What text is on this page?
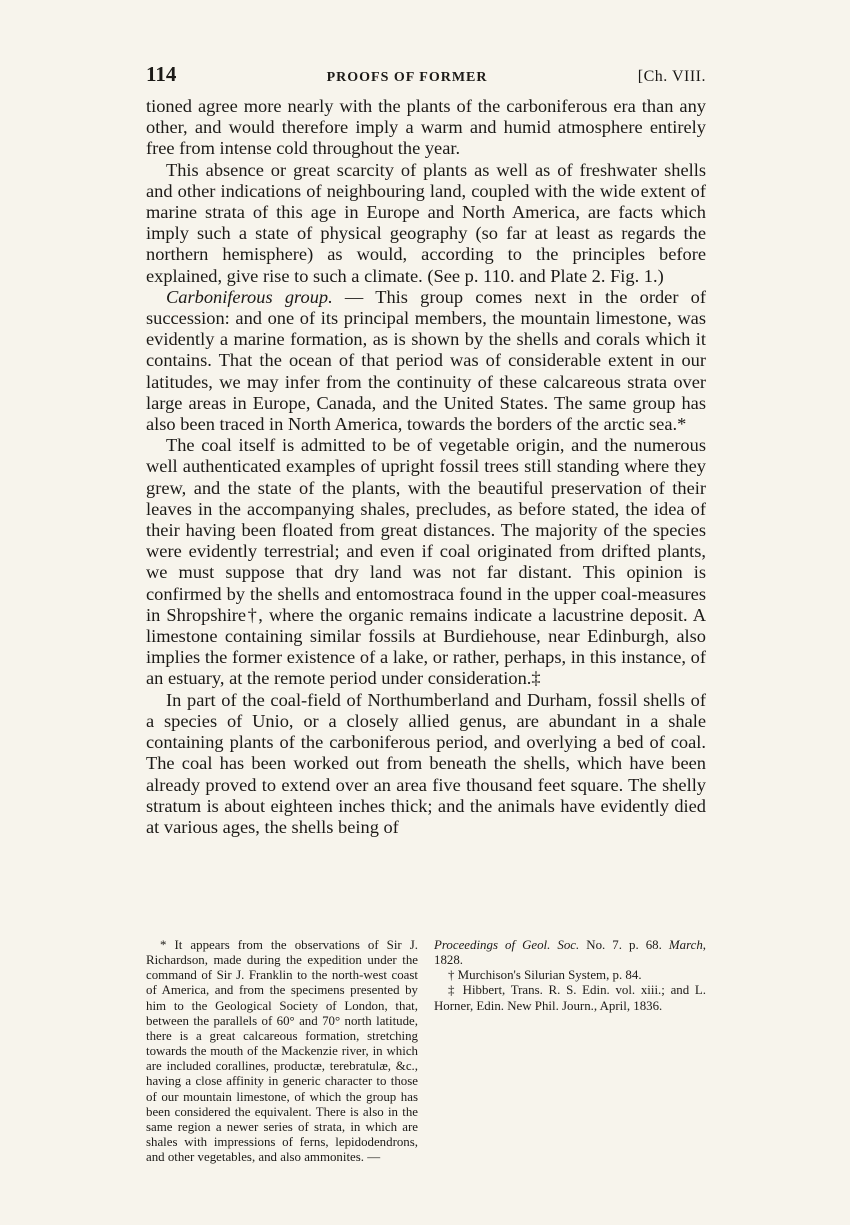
114	PROOFS OF FORMER	[Ch. VIII.

tioned agree more nearly with the plants of the carboniferous era than any other, and would therefore imply a warm and humid atmosphere entirely free from intense cold throughout the year.

This absence or great scarcity of plants as well as of freshwater shells and other indications of neighbouring land, coupled with the wide extent of marine strata of this age in Europe and North America, are facts which imply such a state of physical geography (so far at least as regards the northern hemisphere) as would, according to the principles before explained, give rise to such a climate. (See p. 110. and Plate 2. Fig. 1.)

Carboniferous group. — This group comes next in the order of succession: and one of its principal members, the mountain limestone, was evidently a marine formation, as is shown by the shells and corals which it contains. That the ocean of that period was of considerable extent in our latitudes, we may infer from the continuity of these calcareous strata over large areas in Europe, Canada, and the United States. The same group has also been traced in North America, towards the borders of the arctic sea.*

The coal itself is admitted to be of vegetable origin, and the numerous well authenticated examples of upright fossil trees still standing where they grew, and the state of the plants, with the beautiful preservation of their leaves in the accompanying shales, precludes, as before stated, the idea of their having been floated from great distances. The majority of the species were evidently terrestrial; and even if coal originated from drifted plants, we must suppose that dry land was not far distant. This opinion is confirmed by the shells and entomostraca found in the upper coal-measures in Shropshire†, where the organic remains indicate a lacustrine deposit. A limestone containing similar fossils at Burdiehouse, near Edinburgh, also implies the former existence of a lake, or rather, perhaps, in this instance, of an estuary, at the remote period under consideration.‡

In part of the coal-field of Northumberland and Durham, fossil shells of a species of Unio, or a closely allied genus, are abundant in a shale containing plants of the carboniferous period, and overlying a bed of coal. The coal has been worked out from beneath the shells, which have been already proved to extend over an area five thousand feet square. The shelly stratum is about eighteen inches thick; and the animals have evidently died at various ages, the shells being of

* It appears from the observations of Sir J. Richardson, made during the expedition under the command of Sir J. Franklin to the north-west coast of America, and from the specimens presented by him to the Geological Society of London, that, between the parallels of 60° and 70° north latitude, there is a great calcareous formation, stretching towards the mouth of the Mackenzie river, in which are included corallines, productæ, terebratulæ, &c., having a close affinity in generic character to those of our mountain limestone, of which the group has been considered the equivalent. There is also in the same region a newer series of strata, in which are shales with impressions of ferns, lepidodendrons, and other vegetables, and also ammonites. —

Proceedings of Geol. Soc. No. 7. p. 68. March, 1828.

† Murchison's Silurian System, p. 84.

‡ Hibbert, Trans. R. S. Edin. vol. xiii.; and L. Horner, Edin. New Phil. Journ., April, 1836.
